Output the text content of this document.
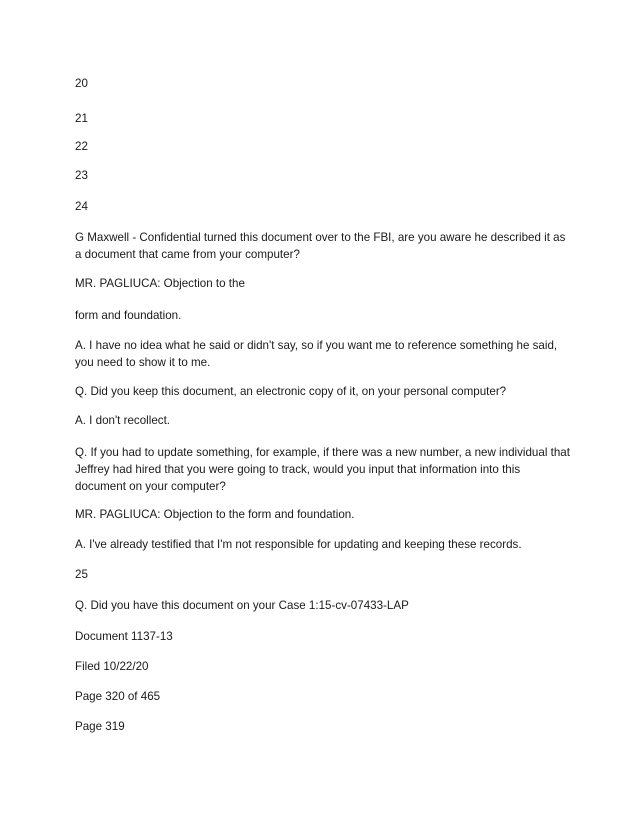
20

21

22

23

24

G Maxwell - Confidential turned this document over to the FBI, are you aware he described it as a document that came from your computer?

MR. PAGLIUCA: Objection to the

form and foundation.

A. I have no idea what he said or didn't say, so if you want me to reference something he said, you need to show it to me.

Q. Did you keep this document, an electronic copy of it, on your personal computer?

A. I don't recollect.

Q. If you had to update something, for example, if there was a new number, a new individual that Jeffrey had hired that you were going to track, would you input that information into this document on your computer?

MR. PAGLIUCA: Objection to the form and foundation.

A. I've already testified that I'm not responsible for updating and keeping these records.

25

Q. Did you have this document on your Case 1:15-cv-07433-LAP

Document 1137-13

Filed 10/22/20

Page 320 of 465

Page 319
